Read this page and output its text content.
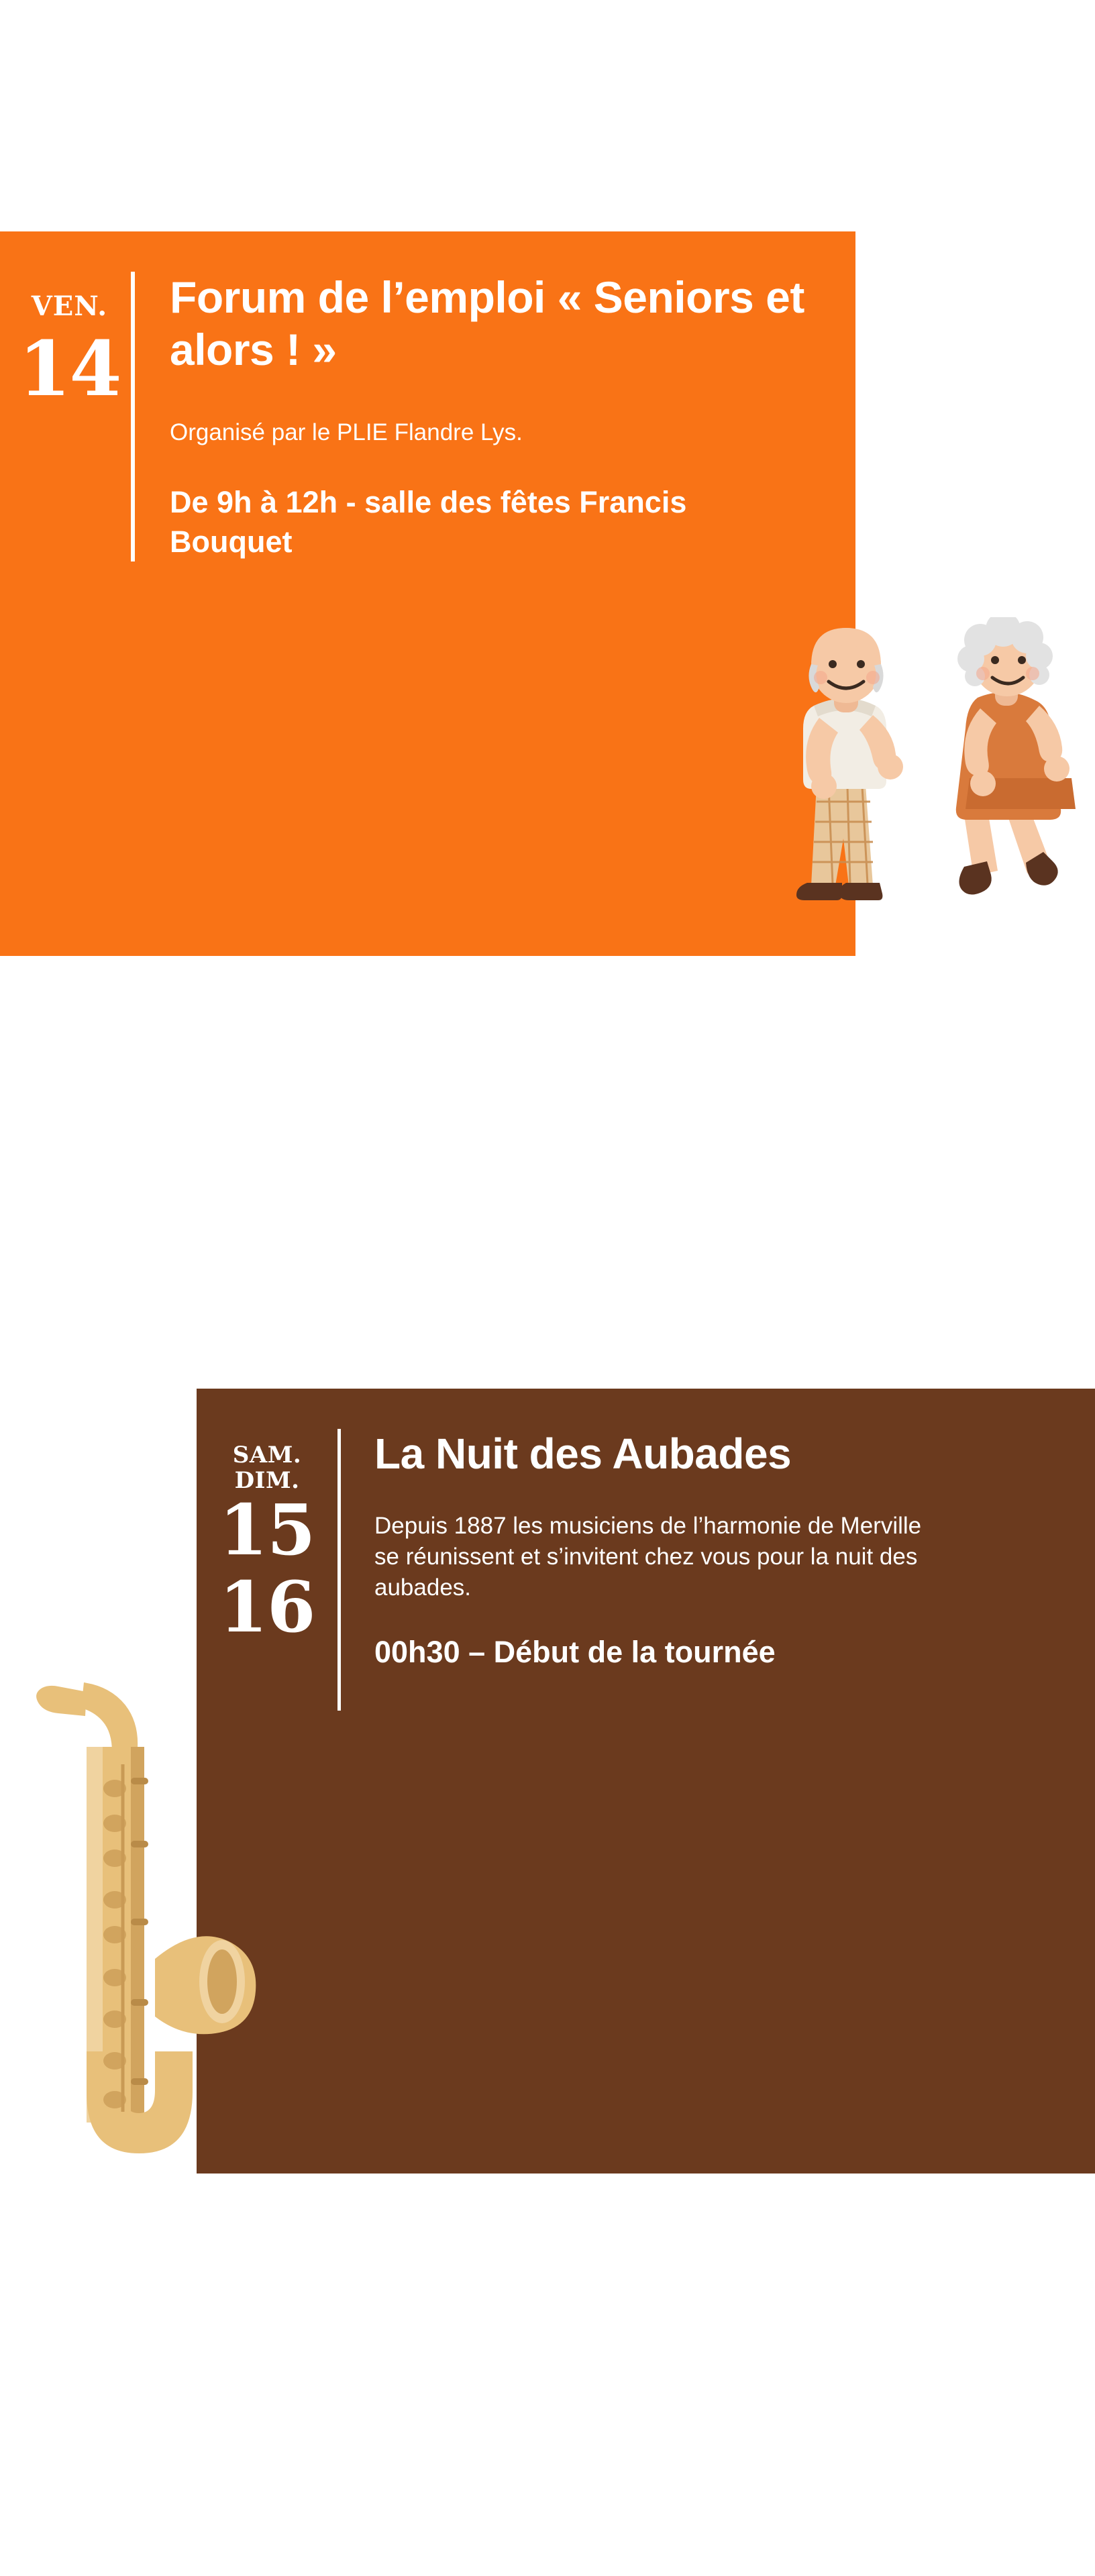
VEN.
14
Forum de l’emploi « Seniors et alors ! »

Organisé par le PLIE Flandre Lys.

De 9h à 12h - salle des fêtes Francis Bouquet

SAM.
DIM.
15
16
La Nuit des Aubades

Depuis 1887 les musiciens de l’harmonie de Merville se réunissent et s’invitent chez vous pour la nuit des aubades.

00h30 – Début de la tournée
